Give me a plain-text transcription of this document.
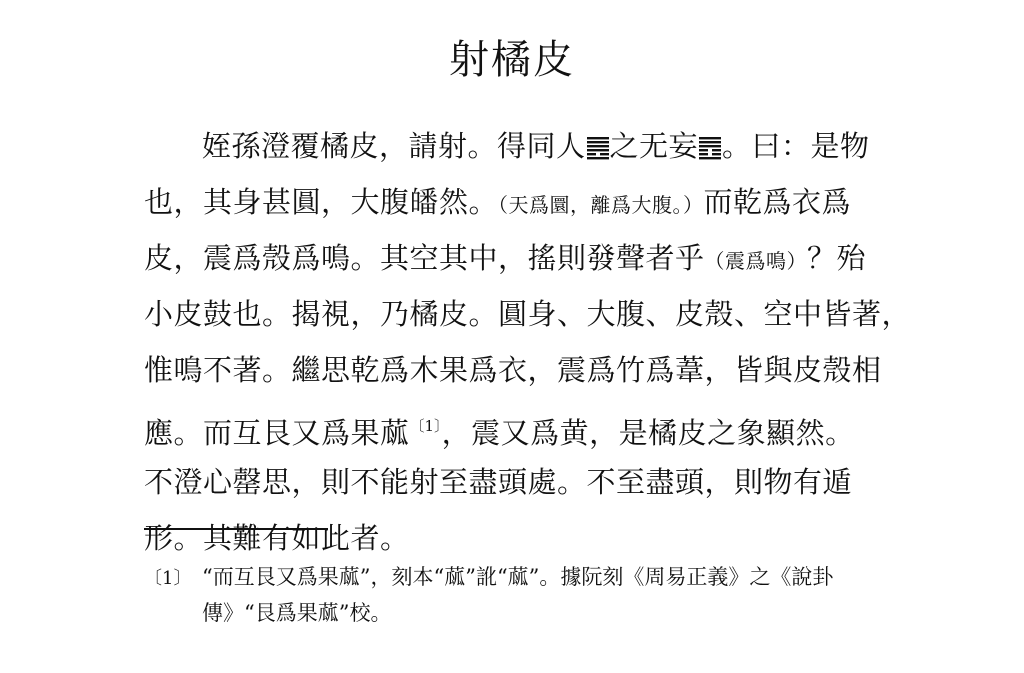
射橘皮
姪孫澄覆橘皮，請射。得同人 之无妄 。曰：是物
也，其身甚圓，大腹皤然。（天爲圜，離爲大腹。）而乾爲衣爲
皮，震爲殼爲鳴。其空其中，搖則發聲者乎（震爲鳴）？殆
小皮鼓也。揭視，乃橘皮。圓身、大腹、皮殼、空中皆著，
惟鳴不著。繼思乾爲木果爲衣，震爲竹爲葦，皆與皮殼相
應。而互艮又爲果蓏$^{〔1〕}$，震又爲黄，是橘皮之象顯然。
不澄心罄思，則不能射至盡頭處。不至盡頭，則物有遁
形。其難有如此者。
〔1〕 “而互艮又爲果蓏”，刻本“蓏”訛“蓏”。據阮刻《周易正義》之《說卦
傳》“艮爲果蓏”校。
